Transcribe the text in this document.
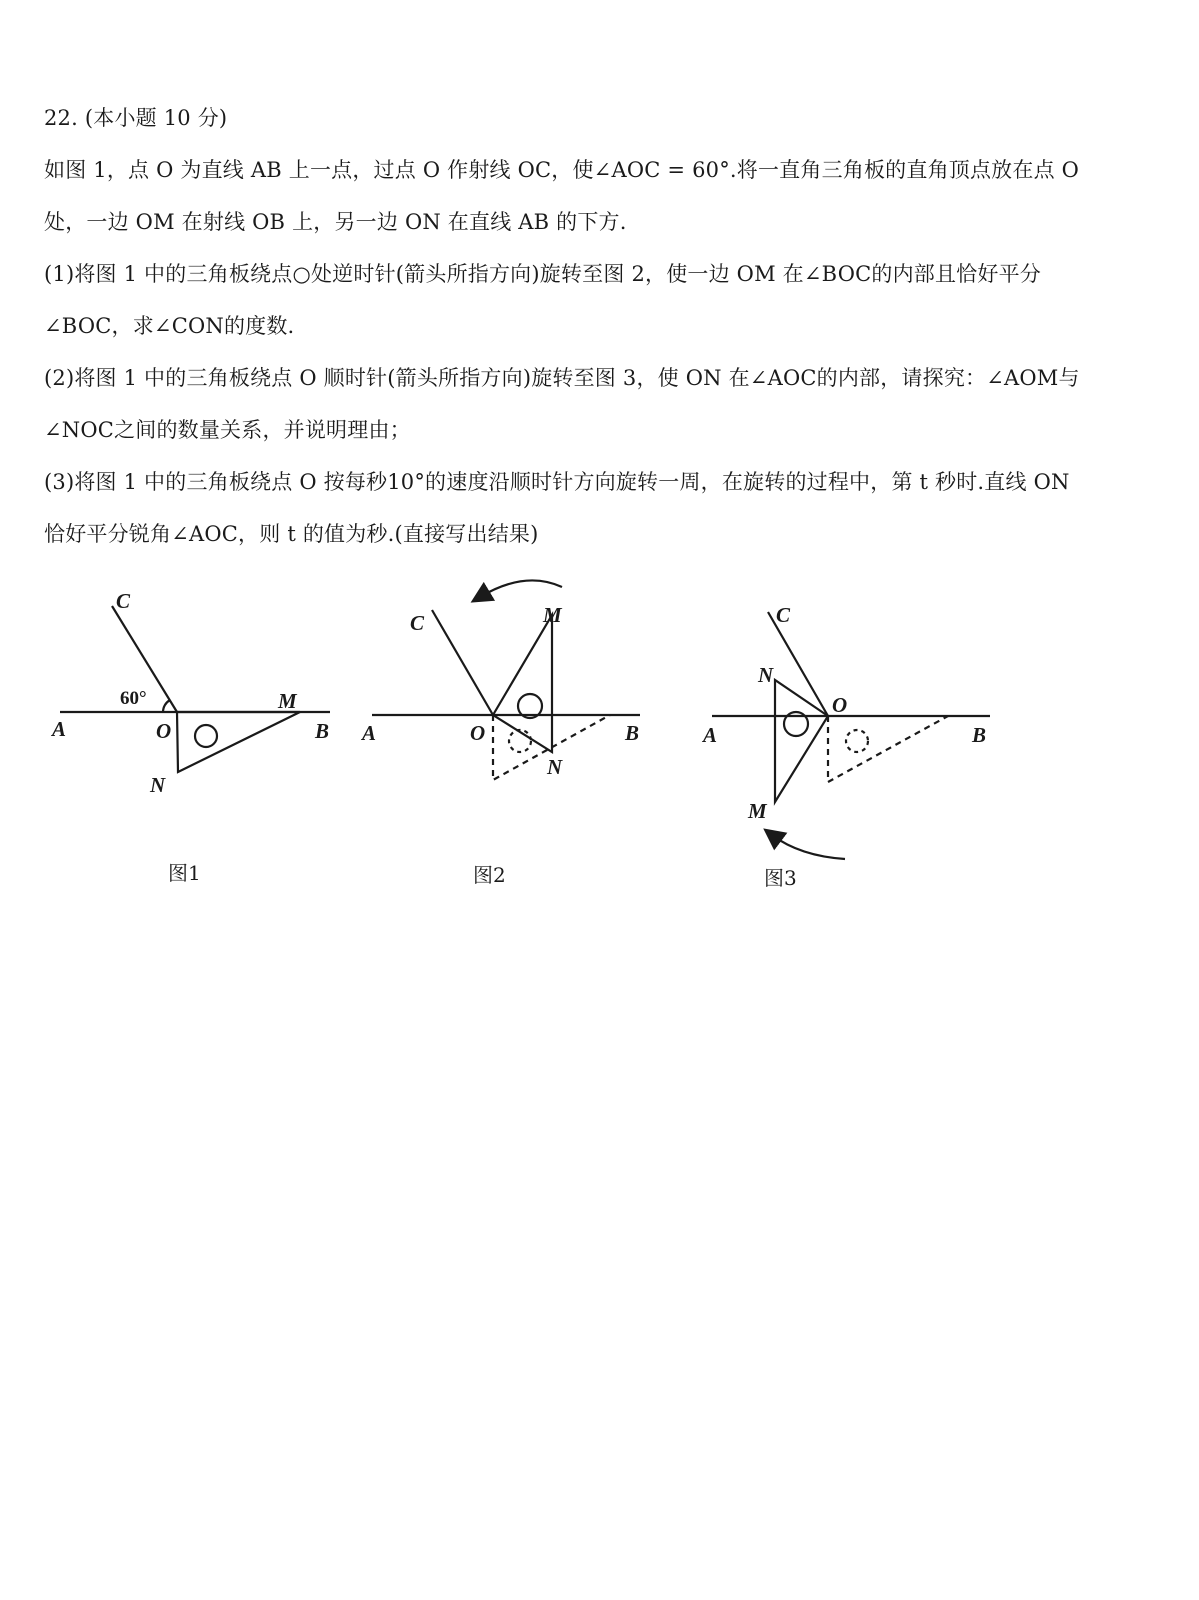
22. (本小题 10 分)
如图 1，点 O 为直线 AB 上一点，过点 O 作射线 OC，使∠AOC = 60°.将一直角三角板的直角顶点放在点 O
处，一边 OM 在射线 OB 上，另一边 ON 在直线 AB 的下方.
(1)将图 1 中的三角板绕点○处逆时针(箭头所指方向)旋转至图 2，使一边 OM 在∠BOC的内部且恰好平分
∠BOC，求∠CON的度数.
(2)将图 1 中的三角板绕点 O 顺时针(箭头所指方向)旋转至图 3，使 ON 在∠AOC的内部，请探究：∠AOM与
∠NOC之间的数量关系，并说明理由；
(3)将图 1 中的三角板绕点 O 按每秒10°的速度沿顺时针方向旋转一周，在旋转的过程中，第 t 秒时.直线 ON
恰好平分锐角∠AOC，则 t 的值为秒.(直接写出结果)
C
60°
A	O
M
B
N
图1
C	M
A	O	B
N
图2
C
N
O
A	B
M
图3
